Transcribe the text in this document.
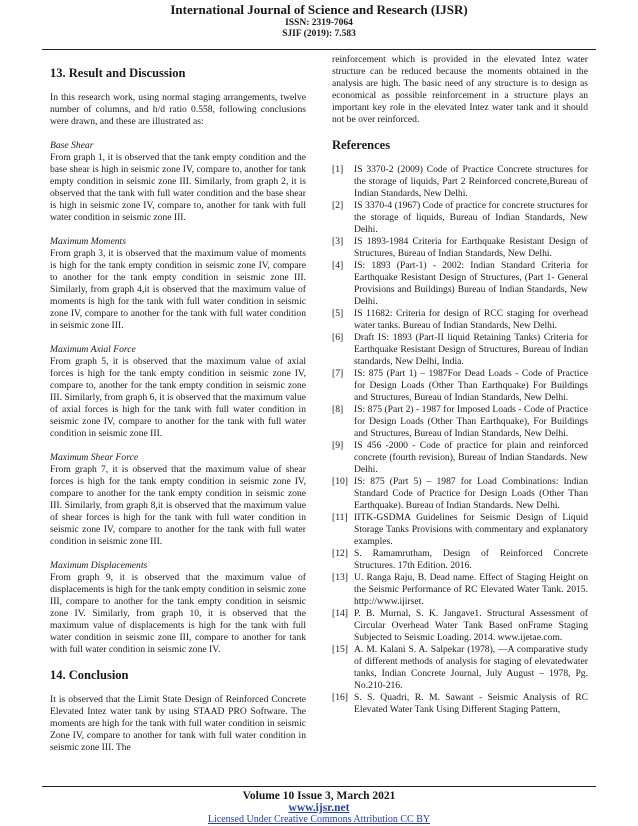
International Journal of Science and Research (IJSR)
ISSN: 2319-7064
SJIF (2019): 7.583
13. Result and Discussion

In this research work, using normal staging arrangements, twelve number of columns, and h/d ratio 0.558, following conclusions were drawn, and these are illustrated as:

Base Shear

From graph 1, it is observed that the tank empty condition and the base shear is high in seismic zone IV, compare to, another for tank empty condition in seismic zone III. Similarly, from graph 2, it is observed that the tank with full water condition and the base shear is high in seismic zone IV, compare to, another for tank with full water condition in seismic zone III.

Maximum Moments

From graph 3, it is observed that the maximum value of moments is high for the tank empty condition in seismic zone IV, compare to another for the tank empty condition in seismic zone III. Similarly, from graph 4,it is observed that the maximum value of moments is high for the tank with full water condition in seismic zone IV, compare to another for the tank with full water condition in seismic zone III.

Maximum Axial Force

From graph 5, it is observed that the maximum value of axial forces is high for the tank empty condition in seismic zone IV, compare to, another for the tank empty condition in seismic zone III. Similarly, from graph 6, it is observed that the maximum value of axial forces is high for the tank with full water condition in seismic zone IV, compare to another for the tank with full water condition in seismic zone III.

Maximum Shear Force

From graph 7, it is observed that the maximum value of shear forces is high for the tank empty condition in seismic zone IV, compare to another for the tank empty condition in seismic zone III. Similarly, from graph 8,it is observed that the maximum value of shear forces is high for the tank with full water condition in seismic zone IV, compare to another for the tank with full water condition in seismic zone III.

Maximum Displacements

From graph 9, it is observed that the maximum value of displacements is high for the tank empty condition in seismic zone III, compare to another for the tank empty condition in seismic zone IV. Similarly, from graph 10, it is observed that the maximum value of displacements is high for the tank with full water condition in seismic zone III, compare to another for tank with full water condition in seismic zone IV.

14. Conclusion

It is observed that the Limit State Design of Reinforced Concrete Elevated Intez water tank by using STAAD PRO Software. The moments are high for the tank with full water condition in seismic Zone IV, compare to another for tank with full water condition in seismic zone III. The

reinforcement which is provided in the elevated Intez water structure can be reduced because the moments obtained in the analysis are high. The basic need of any structure is to design as economical as possible reinforcement in a structure plays an important key role in the elevated Intez water tank and it should not be over reinforced.

References
[1]	IS 3370-2 (2009) Code of Practice Concrete structures for the storage of liquids, Part 2 Reinforced concrete,Bureau of Indian Standards, New Delhi.
[2]	IS 3370-4 (1967) Code of practice for concrete structures for the storage of liquids, Bureau of Indian Standards, New Delhi.
[3]	IS 1893-1984 Criteria for Earthquake Resistant Design of Structures, Bureau of Indian Standards, New Delhi.
[4]	IS: 1893 (Part-1) - 2002: Indian Standard Criteria for Earthquake Resistant Design of Structures, (Part 1- General Provisions and Buildings) Bureau of Indian Standards, New Delhi.
[5]	IS 11682: Criteria for design of RCC staging for overhead water tanks. Bureau of Indian Standards, New Delhi.
[6]	Draft IS: 1893 (Part-II liquid Retaining Tanks) Criteria for Earthquake Resistant Design of Structures, Bureau of Indian standards, New Delhi, India.
[7]	IS: 875 (Part 1) – 1987For Dead Loads - Code of Practice for Design Loads (Other Than Earthquake) For Buildings and Structures, Bureau of Indian Standards, New Delhi.
[8]	IS: 875 (Part 2) - 1987 for Imposed Loads - Code of Practice for Design Loads (Other Than Earthquake), For Buildings and Structures, Bureau of Indian Standards, New Delhi.
[9]	IS 456 -2000 - Code of practice for plain and reinforced concrete (fourth revision), Bureau of Indian Standards. New Delhi.
[10] IS: 875 (Part 5) – 1987 for Load Combinations: Indian Standard Code of Practice for Design Loads (Other Than Earthquake). Bureau of Indian Standards. New Delhi.
[11] IITK-GSDMA Guidelines for Seismic Design of Liquid Storage Tanks Provisions with commentary and explanatory examples.
[12] S. Ramamrutham, Design of Reinforced Concrete Structures. 17th Edition. 2016.
[13] U. Ranga Raju, B. Dead name. Effect of Staging Height on the Seismic Performance of RC Elevated Water Tank. 2015. http://www.ijirset.
[14] P. B. Murnal, S. K. Jangave1. Structural Assessment of Circular Overhead Water Tank Based onFrame Staging Subjected to Seismic Loading. 2014. www.ijetae.com.
[15] A. M. Kalani S. A. Salpekar (1978), ―A comparative study of different methods of analysis for staging of elevatedwater tanks, Indian Concrete Journal, July August – 1978, Pg. No.210-216.
[16] S. S. Quadri, R. M. Sawant - Seismic Analysis of RC Elevated Water Tank Using Different Staging Pattern,
Volume 10 Issue 3, March 2021
www.ijsr.net
Licensed Under Creative Commons Attribution CC BY
